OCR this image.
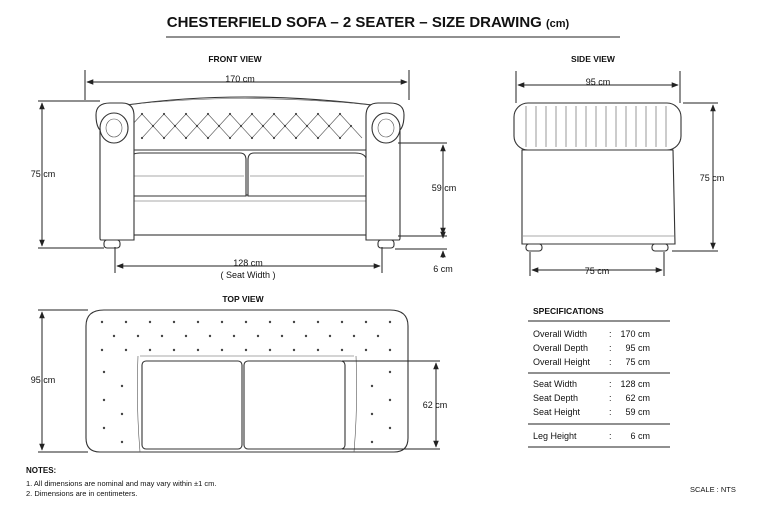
CHESTERFIELD SOFA – 2 SEATER – SIZE DRAWING (cm)
FRONT VIEW
170 cm
75 cm
59 cm
6 cm
128 cm
( Seat Width )
SIDE VIEW
95 cm
75 cm
75 cm
TOP VIEW
95 cm
62 cm
SPECIFICATIONS
Overall Width : 170 cm
Overall Depth : 95 cm
Overall Height : 75 cm
Seat Width	: 128 cm
Seat Depth	: 62 cm
Seat Height	: 59 cm
Leg Height	: 6 cm
NOTES:
1. All dimensions are nominal and may vary within ±1 cm.
2. Dimensions are in centimeters.	SCALE : NTS
